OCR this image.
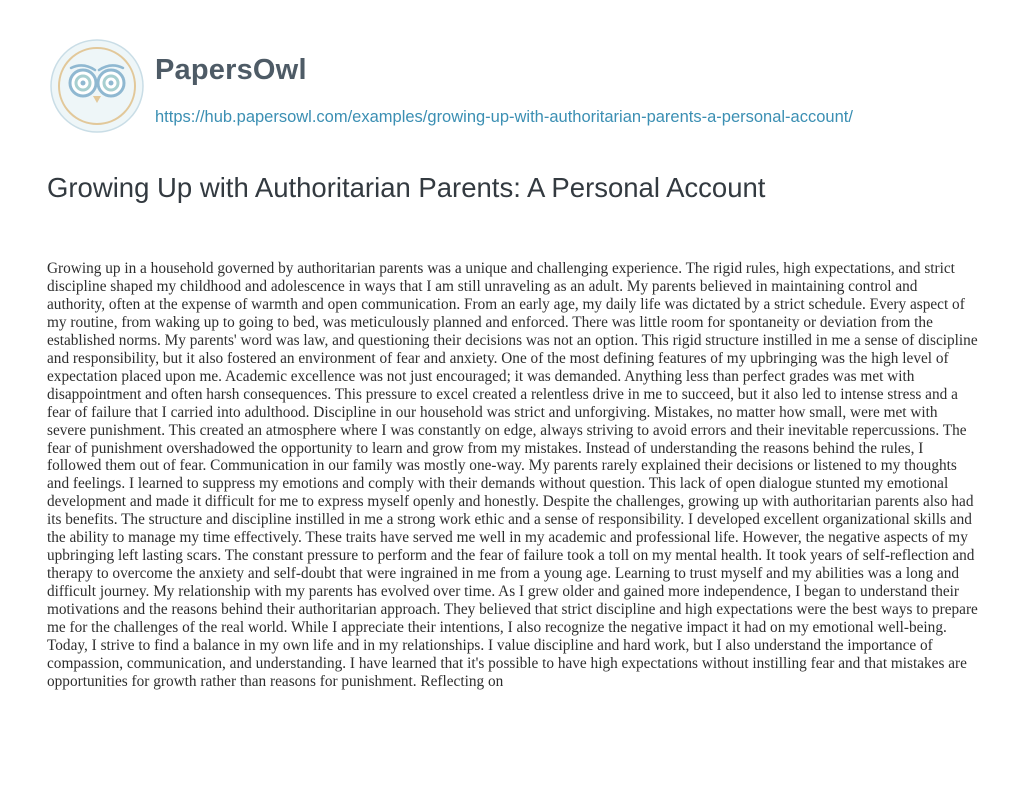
PapersOwl
https://hub.papersowl.com/examples/growing-up-with-authoritarian-parents-a-personal-account/
Growing Up with Authoritarian Parents: A Personal Account

Growing up in a household governed by authoritarian parents was a unique and challenging experience. The rigid rules, high expectations, and strict discipline shaped my childhood and adolescence in ways that I am still unraveling as an adult. My parents believed in maintaining control and authority, often at the expense of warmth and open communication. From an early age, my daily life was dictated by a strict schedule. Every aspect of my routine, from waking up to going to bed, was meticulously planned and enforced. There was little room for spontaneity or deviation from the established norms. My parents' word was law, and questioning their decisions was not an option. This rigid structure instilled in me a sense of discipline and responsibility, but it also fostered an environment of fear and anxiety. One of the most defining features of my upbringing was the high level of expectation placed upon me. Academic excellence was not just encouraged; it was demanded. Anything less than perfect grades was met with disappointment and often harsh consequences. This pressure to excel created a relentless drive in me to succeed, but it also led to intense stress and a fear of failure that I carried into adulthood. Discipline in our household was strict and unforgiving. Mistakes, no matter how small, were met with severe punishment. This created an atmosphere where I was constantly on edge, always striving to avoid errors and their inevitable repercussions. The fear of punishment overshadowed the opportunity to learn and grow from my mistakes. Instead of understanding the reasons behind the rules, I followed them out of fear. Communication in our family was mostly one-way. My parents rarely explained their decisions or listened to my thoughts and feelings. I learned to suppress my emotions and comply with their demands without question. This lack of open dialogue stunted my emotional development and made it difficult for me to express myself openly and honestly. Despite the challenges, growing up with authoritarian parents also had its benefits. The structure and discipline instilled in me a strong work ethic and a sense of responsibility. I developed excellent organizational skills and the ability to manage my time effectively. These traits have served me well in my academic and professional life. However, the negative aspects of my upbringing left lasting scars. The constant pressure to perform and the fear of failure took a toll on my mental health. It took years of self-reflection and therapy to overcome the anxiety and self-doubt that were ingrained in me from a young age. Learning to trust myself and my abilities was a long and difficult journey. My relationship with my parents has evolved over time. As I grew older and gained more independence, I began to understand their motivations and the reasons behind their authoritarian approach. They believed that strict discipline and high expectations were the best ways to prepare me for the challenges of the real world. While I appreciate their intentions, I also recognize the negative impact it had on my emotional well-being. Today, I strive to find a balance in my own life and in my relationships. I value discipline and hard work, but I also understand the importance of compassion, communication, and understanding. I have learned that it's possible to have high expectations without instilling fear and that mistakes are opportunities for growth rather than reasons for punishment. Reflecting on
